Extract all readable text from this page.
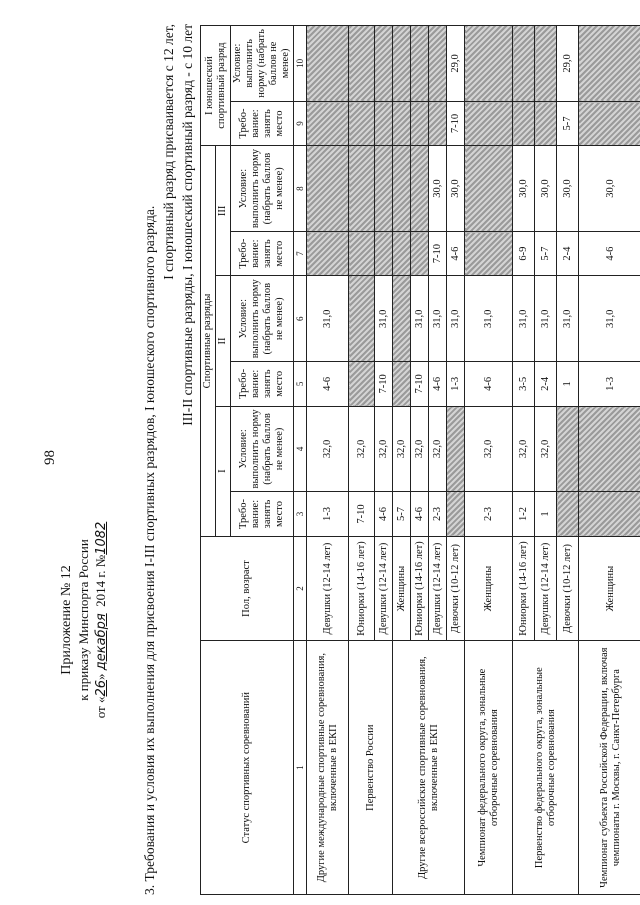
98
Приложение № 12 к приказу Минспорта России
от «26» декабря  2014 г. №1082 3. Требования и условия их выполнения для присвоения I-III спортивных разрядов, I юношеского спортивного разряда.
I спортивный разряд присваивается с 12 лет, III-II спортивные разряды, I юношеский спортивный разряд - с 10 лет
Статус спортивных соревнований	Пол, возраст	Спортивные разряды						I юношеский спортивный разряд	
		I		II		III			
		Требо-вание: занять место	Условие: выполнить норму (набрать баллов не менее)	Требо-вание: занять место	Условие: выполнить норму (набрать баллов не менее)	Требо-вание: занять место	Условие: выполнить норму (набрать баллов не менее)	Требо-вание: занять место	Условие: выполнить норму (набрать баллов не менее)
1	2	3	4	5	6	7	8	9	10
Другие международные спортивные соревнования, включенные в ЕКП	Девушки (12-14 лет)	1-3	32,0	4-6	31,0				
Первенство России	Юниорки (14-16 лет)	7-10	32,0						
	Девушки (12-14 лет)	4-6	32,0	7-10	31,0				
Другие всероссийские спортивные соревнования, включенные в ЕКП	Женщины	5-7	32,0						
	Юниорки (14-16 лет)	4-6	32,0	7-10	31,0				
	Девушки (12-14 лет)	2-3	32,0	4-6	31,0	7-10	30,0		
	Девочки (10-12 лет)			1-3	31,0	4-6	30,0	7-10	29,0
Чемпионат федерального округа, зональные отборочные соревнования	Женщины	2-3	32,0	4-6	31,0				
Первенство федерального округа, зональные отборочные соревнования	Юниорки (14-16 лет)	1-2	32,0	3-5	31,0	6-9	30,0		
	Девушки (12-14 лет)	1	32,0	2-4	31,0	5-7	30,0		
	Девочки (10-12 лет)			1	31,0	2-4	30,0	5-7	29,0
Чемпионат субъекта Российской Федерации, включая чемпионаты г. Москвы, г. Санкт-Петербурга	Женщины			1-3	31,0	4-6	30,0		
